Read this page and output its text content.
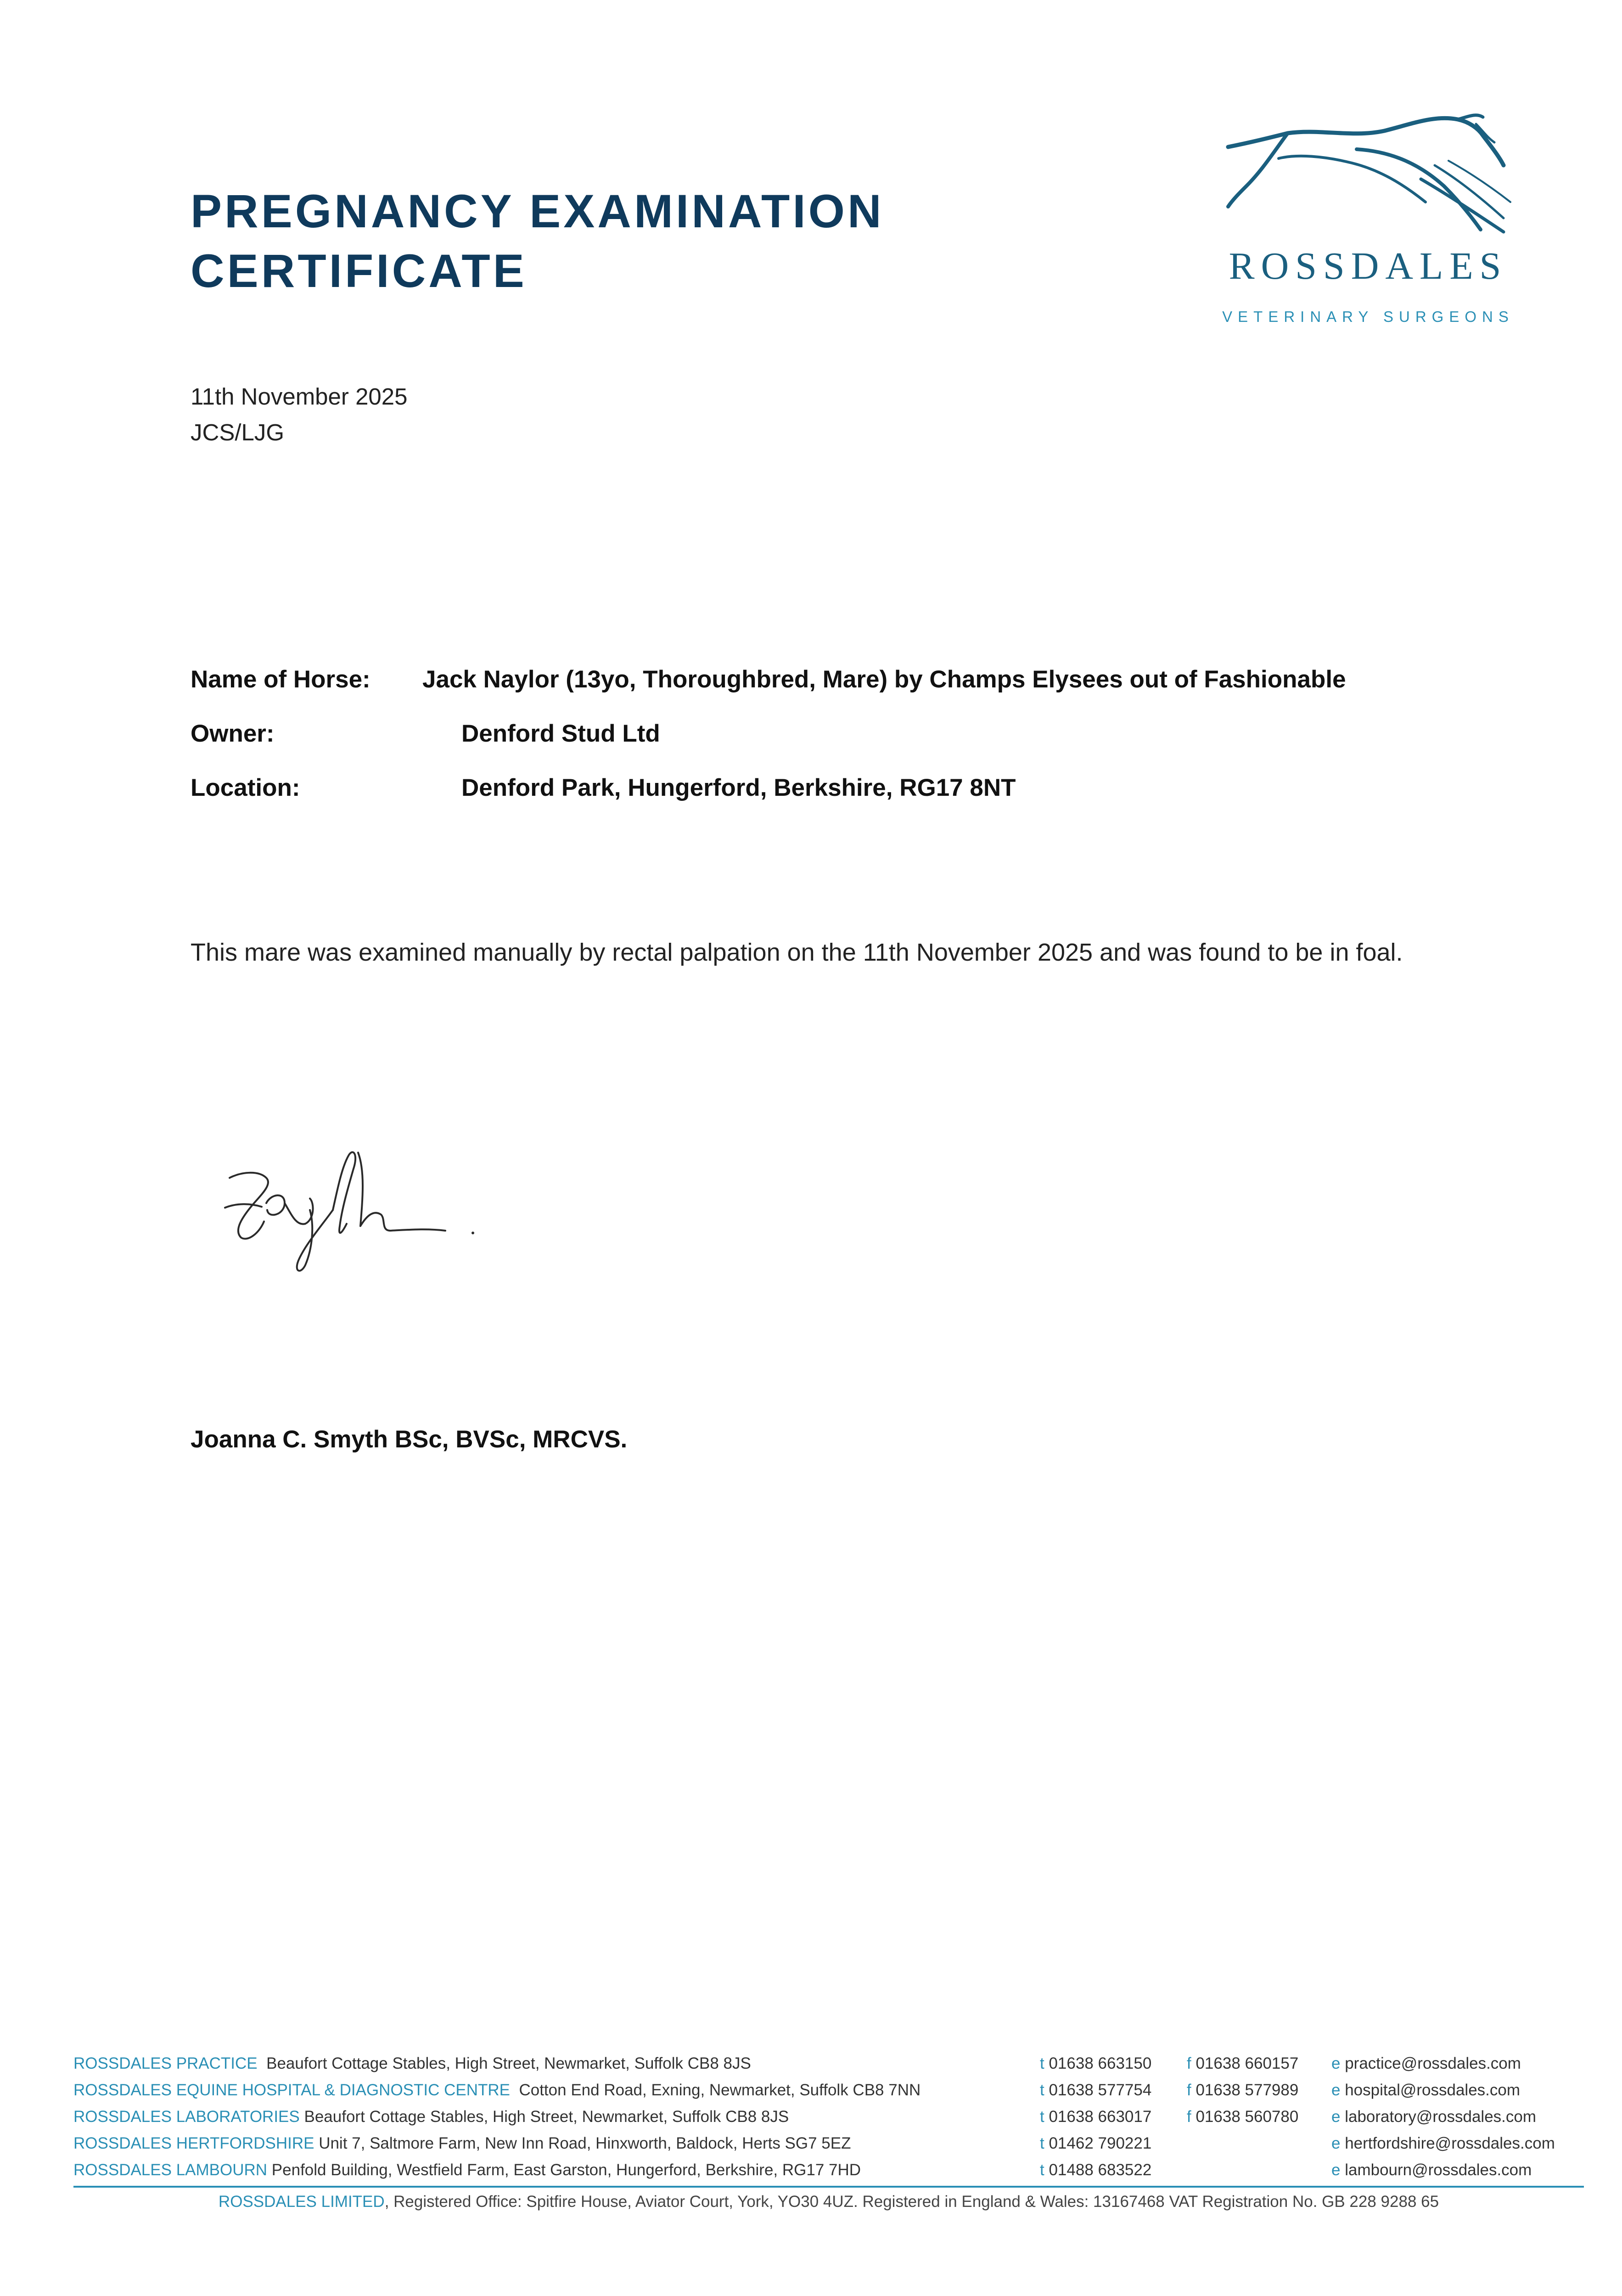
PREGNANCY EXAMINATION
CERTIFICATE	ROSSDALES
VETERINARY SURGEONS
11th November 2025
JCS/LJG
Name of Horse: Jack Naylor (13yo, Thoroughbred, Mare) by Champs Elysees out of Fashionable
Owner:	Denford Stud Ltd
Location:	Denford Park, Hungerford, Berkshire, RG17 8NT

This mare was examined manually by rectal palpation on the 11th November 2025 and was found to be in foal.

Joanna C. Smyth BSc, BVSc, MRCVS.
ROSSDALES PRACTICE Beaufort Cottage Stables, High Street, Newmarket, Suffolk CB8 8JS	t 01638 663150 f 01638 660157 e practice@rossdales.com
ROSSDALES EQUINE HOSPITAL & DIAGNOSTIC CENTRE Cotton End Road, Exning, Newmarket, Suffolk CB8 7NN	t 01638 577754 f 01638 577989 e hospital@rossdales.com
ROSSDALES LABORATORIES Beaufort Cottage Stables, High Street, Newmarket, Suffolk CB8 8JS	t 01638 663017 f 01638 560780 e laboratory@rossdales.com
ROSSDALES HERTFORDSHIRE Unit 7, Saltmore Farm, New Inn Road, Hinxworth, Baldock, Herts SG7 5EZ	t 01462 790221	e hertfordshire@rossdales.com
ROSSDALES LAMBOURN Penfold Building, Westfield Farm, East Garston, Hungerford, Berkshire, RG17 7HD	t 01488 683522	e lambourn@rossdales.com
ROSSDALES LIMITED, Registered Office: Spitfire House, Aviator Court, York, YO30 4UZ. Registered in England & Wales: 13167468 VAT Registration No. GB 228 9288 65
